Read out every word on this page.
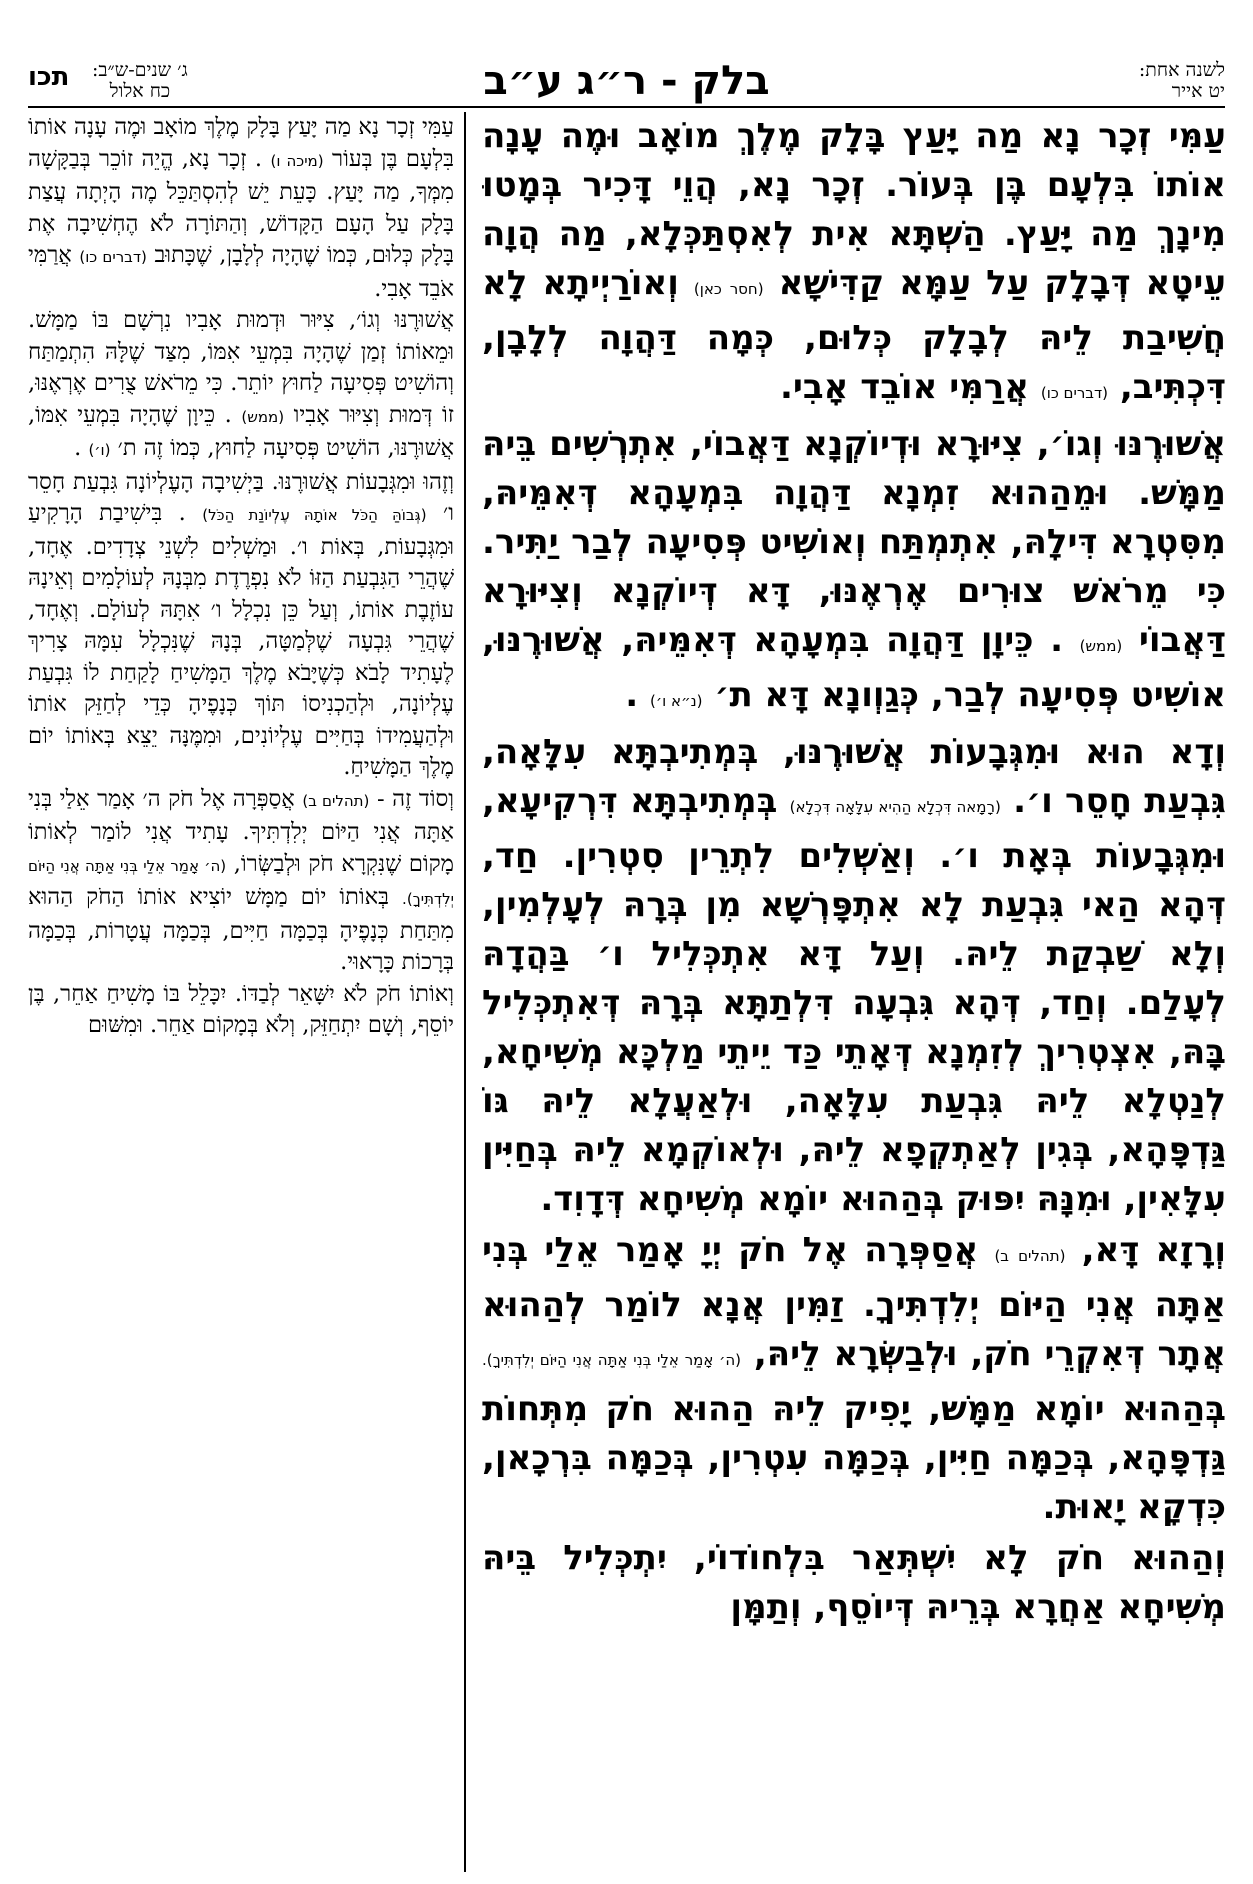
לשנה אחת:
יט אייר
בלק - ר״ג ע״ב
ג׳ שנים-ש״ב:
כח אלול
תכו

עַמִּי זְכָר נָא מַה יָּעַץ בָּלָק מֶלֶךְ מוֹאָב וּמֶה עָנָה אוֹתוֹ בִּלְעָם בֶּן בְּעוֹר. זְכָר נָא, הֲוֵי דָּכִיר בְּמָטוּ מִינָךְ מַה יָּעַץ. הַשְׁתָּא אִית לְאִסְתַּכְּלָא, מַה הֲוָה עֵיטָא דְּבָלָק עַל עַמָּא קַדִּישָׁא (חסר כאן) וְאוֹרַיְיתָא לָא חֲשִׁיבַת לֵיהּ לְבָלָק כְּלוּם, כְּמָה דַּהֲוָה לְלָבָן, דִּכְתִּיב, (דברים כו) אֲרַמִּי אוֹבֵד אָבִי.

אֲשׁוּרֶנּוּ וְגוֹ׳, צִיּוּרָא וּדְיוֹקְנָא דַּאֲבוֹי, אִתְרְשִׁים בֵּיהּ מַמָּשׁ. וּמֵהַהוּא זִמְנָא דַּהֲוָה בִּמְעָהָא דְּאִמֵּיהּ, מִסִּטְרָא דִּילָהּ, אִתְמְתַּח וְאוֹשִׁיט פְּסִיעָה לְבַר יַתִּיר. כִּי מֵרֹאשׁ צוּרִים אֶרְאֶנּוּ, דָּא דְּיוֹקְנָא וְצִיּוּרָא דַּאֲבוֹי (ממש) . כֵּיוָן דַּהֲוָה בִּמְעָהָא דְּאִמֵּיהּ, אֲשׁוּרֶנּוּ, אוֹשִׁיט פְּסִיעָה לְבַר, כְּגַוְונָא דָּא ת׳ (נ״א ו׳) .

וְדָא הוּא וּמִגְּבָעוֹת אֲשׁוּרֶנּוּ, בְּמְתִיבְתָּא עִלָּאָה, גִּבְעַת חָסֵר ו׳. (רָמָאה דִּכְלָא הַהִיא עִלָּאָה דִּכְלָא) בְּמְתִיבְתָּא דִּרְקִיעָא, וּמִגְּבָעוֹת בְּאָת ו׳. וְאַשְׁלִים לִתְרֵין סִטְרִין. חַד, דְּהָא הַאי גִּבְעַת לָא אִתְפָּרְשָׁא מִן בְּרָהּ לְעָלְמִין, וְלָא שַׁבְקַת לֵיהּ. וְעַל דָּא אִתְכְּלִיל ו׳ בַּהֲדָהּ לְעָלַם. וְחַד, דְּהָא גִּבְעָה דִּלְתַתָּא בְּרָהּ דְּאִתְכְּלִיל בָּהּ, אִצְטְרִיךְ לְזִמְנָא דְּאָתֵי כַּד יֵיתֵי מַלְכָּא מְשִׁיחָא, לְנַטְלָא לֵיהּ גִּבְעַת עִלָּאָה, וּלְאַעֲלָא לֵיהּ גּוֹ גַּדְפָּהָא, בְּגִין לְאַתְקְפָא לֵיהּ, וּלְאוֹקְמָא לֵיהּ בְּחַיִּין עִלָּאִין, וּמִנָּהּ יִפּוּק בְּהַהוּא יוֹמָא מְשִׁיחָא דְּדָוִד.

וְרָזָא דָּא, (תהלים ב) אֲסַפְּרָה אֶל חֹק יְיָ אָמַר אֵלַי בְּנִי אַתָּה אֲנִי הַיּוֹם יְלִדְתִּיךָ. זַמִּין אֲנָא לוֹמַר לְהַהוּא אֲתָר דְּאִקְרֵי חֹק, וּלְבַשְּׂרָא לֵיהּ, (ה׳ אָמַר אֵלַי בְּנִי אַתָּה אֲנִי הַיּוֹם יְלִדְתִּיךָ). בְּהַהוּא יוֹמָא מַמָּשׁ, יָפִיק לֵיהּ הַהוּא חֹק מִתְּחוֹת גַּדְפָּהָא, בְּכַמָּה חַיִּין, בְּכַמָּה עִטְרִין, בְּכַמָּה בִּרְכָאן, כִּדְקָא יָאוּת.

וְהַהוּא חֹק לָא יִשְׁתְּאַר בִּלְחוֹדוֹי, יִתְכְּלִיל בֵּיהּ מְשִׁיחָא אַחֲרָא בְּרֵיהּ דְּיוֹסֵף, וְתַמָּן

עַמִּי זְכָר נָא מַה יָּעַץ בָּלָק מֶלֶךְ מוֹאָב וּמֶה עָנָה אוֹתוֹ בִּלְעָם בֶּן בְּעוֹר (מיכה ו) . זְכָר נָא, הֱיֵה זוֹכֵר בְּבַקָּשָׁה מִמְּךָ, מַה יָּעַץ. כָּעֵת יֵשׁ לְהִסְתַּכֵּל מֶה הָיְתָה עֲצַת בָּלָק עַל הָעָם הַקָּדוֹשׁ, וְהַתּוֹרָה לֹא הֶחְשִׁיבָה אֶת בָּלָק כְּלוּם, כְּמוֹ שֶׁהָיָה לְלָבָן, שֶׁכָּתוּב (דברים כו) אֲרַמִּי אֹבֵד אָבִי.

אֲשׁוּרֶנּוּ וְגוֹ׳, צִיּוּר וּדְמוּת אָבִיו נִרְשָׁם בּוֹ מַמָּשׁ. וּמֵאוֹתוֹ זְמַן שֶׁהָיָה בִּמְעֵי אִמּוֹ, מִצַּד שֶׁלָּהּ הִתְמַתַּח וְהוֹשִׁיט פְּסִיעָה לַחוּץ יוֹתֵר. כִּי מֵרֹאשׁ צֻרִים אֶרְאֶנּוּ, זוֹ דְּמוּת וְצִיּוּר אָבִיו (ממש) . כֵּיוָן שֶׁהָיָה בִּמְעֵי אִמּוֹ, אֲשׁוּרֶנּוּ, הוֹשִׁיט פְּסִיעָה לַחוּץ, כְּמוֹ זֶה ת׳ (ו׳) .

וְזֶהוּ וּמִגְּבָעוֹת אֲשׁוּרֶנּוּ. בַּיְשִׁיבָה הָעֶלְיוֹנָה גִּבְעַת חָסֵר ו׳ (גְּבוֹהַּ הַכֹּל אוֹתָהּ עֶלְיוֹנַת הַכֹּל) . בִּישִׁיבַת הָרָקִיעַ וּמִגְּבָעוֹת, בְּאוֹת ו׳. וּמַשְׁלִים לִשְׁנֵי צְדָדִים. אֶחָד, שֶׁהֲרֵי הַגִּבְעַת הַזּוֹ לֹא נִפְרֶדֶת מִבְּנָהּ לְעוֹלָמִים וְאֵינָהּ עוֹזֶבֶת אוֹתוֹ, וְעַל כֵּן נִכְלָל ו׳ אִתָּהּ לְעוֹלָם. וְאֶחָד, שֶׁהֲרֵי גִּבְעָה שֶׁלְּמַטָּה, בְּנָהּ שֶׁנִּכְלָל עִמָּהּ צָרִיךְ לֶעָתִיד לָבֹא כְּשֶׁיָּבֹא מֶלֶךְ הַמָּשִׁיחַ לָקַחַת לוֹ גִּבְעַת עֶלְיוֹנָה, וּלְהַכְנִיסוֹ תּוֹךְ כְּנָפֶיהָ כְּדֵי לְחַזֵּק אוֹתוֹ וּלְהַעֲמִידוֹ בְּחַיִּים עֶלְיוֹנִים, וּמִמֶּנָּה יֵצֵא בְּאוֹתוֹ יוֹם מֶלֶךְ הַמָּשִׁיחַ.

וְסוֹד זֶה - (תהלים ב) אֲסַפְּרָה אֶל חֹק ה׳ אָמַר אֵלַי בְּנִי אַתָּה אֲנִי הַיּוֹם יְלִדְתִּיךָ. עָתִיד אֲנִי לוֹמַר לְאוֹתוֹ מָקוֹם שֶׁנִּקְרָא חֹק וּלְבַשְּׂרוֹ, (ה׳ אָמַר אֵלַי בְּנִי אַתָּה אֲנִי הַיּוֹם יְלִדְתִּיךָ). בְּאוֹתוֹ יוֹם מַמָּשׁ יוֹצִיא אוֹתוֹ הַחֹק הַהוּא מִתַּחַת כְּנָפֶיהָ בְּכַמָּה חַיִּים, בְּכַמָּה עֲטָרוֹת, בְּכַמָּה בְּרָכוֹת כָּרָאוּי.

וְאוֹתוֹ חֹק לֹא יִשָּׁאֵר לְבַדּוֹ. יִכָּלֵל בּוֹ מָשִׁיחַ אַחֵר, בֶּן יוֹסֵף, וְשָׁם יִתְחַזֵּק, וְלֹא בְּמָקוֹם אַחֵר. וּמִשּׁוּם
